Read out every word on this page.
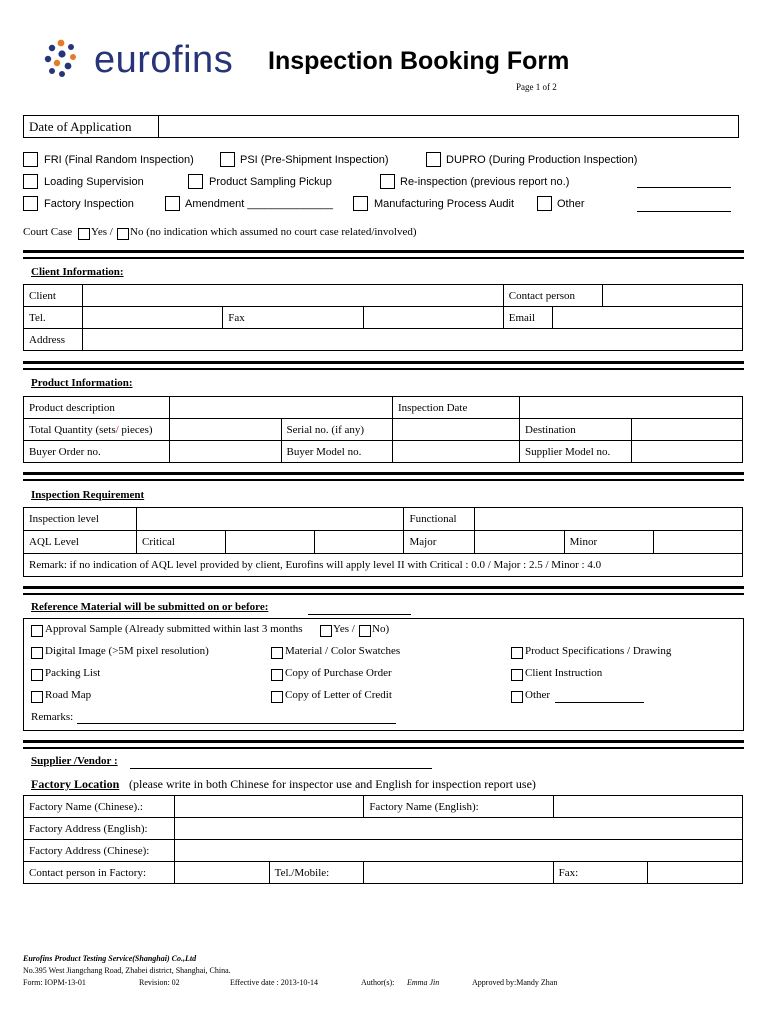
eurofins Inspection Booking Form
Page 1 of 2
Date of Application	
FRI (Final Random Inspection)	PSI (Pre-Shipment Inspection)	DUPRO (During Production Inspection)
Loading Supervision	Product Sampling Pickup	Re-inspection (previous report no.)
Factory Inspection	Amendment ______________	Manufacturing Process Audit	Other
Court Case Yes / No (no indication which assumed no court case related/involved)
Client Information:
Client				Contact person		
Tel.		Fax		Email		
Address						
Product Information:
Product description			Inspection Date		
Total Quantity (sets/ pieces)		Serial no. (if any)		Destination	
Buyer Order no.		Buyer Model no.		Supplier Model no.	
Inspection Requirement
Inspection level				Functional			
AQL Level	Critical			Major		Minor	
Remark: if no indication of AQL level provided by client, Eurofins will apply level II with Critical : 0.0 / Major : 2.5 / Minor : 4.0							
Reference Material will be submitted on or before:
Approval Sample (Already submitted within last 3 months	Yes / No)
Digital Image (>5M pixel resolution)	Material / Color Swatches	Product Specifications / Drawing
Packing List	Copy of Purchase Order	Client Instruction
Road Map	Copy of Letter of Credit	Other
Remarks:
Supplier /Vendor :
Factory Location (please write in both Chinese for inspector use and English for inspection report use)
Factory Name (Chinese).:			Factory Name (English):		
Factory Address (English):					
Factory Address (Chinese):					
Contact person in Factory:		Tel./Mobile:		Fax:	
Eurofins Product Testing Service(Shanghai) Co.,Ltd
No.395 West Jiangchang Road, Zhabei district, Shanghai, China.
Form: IOPM-13-01	Revision: 02	Effective date : 2013-10-14	Author(s): Emma Jin	Approved by:Mandy Zhan
